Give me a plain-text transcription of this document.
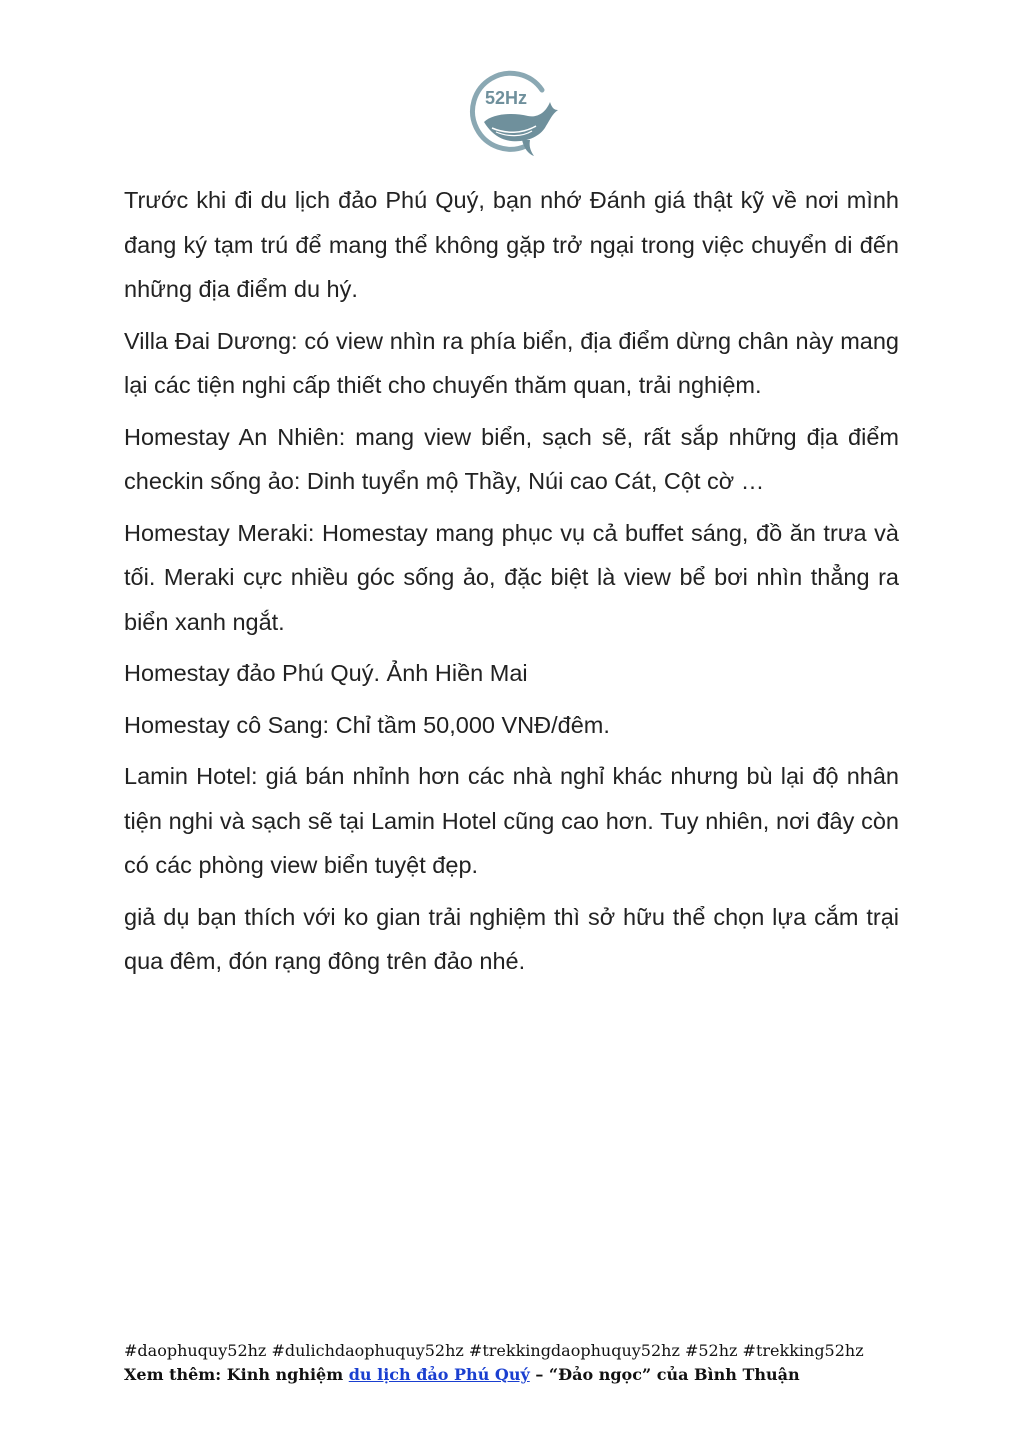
52Hz

Trước khi đi du lịch đảo Phú Quý, bạn nhớ Đánh giá thật kỹ về nơi mình đang ký tạm trú để mang thể không gặp trở ngại trong việc chuyển di đến những địa điểm du hý.

Villa Đai Dương: có view nhìn ra phía biển, địa điểm dừng chân này mang lại các tiện nghi cấp thiết cho chuyến thăm quan, trải nghiệm.

Homestay An Nhiên: mang view biển, sạch sẽ, rất sắp những địa điểm checkin sống ảo: Dinh tuyển mộ Thầy, Núi cao Cát, Cột cờ …

Homestay Meraki: Homestay mang phục vụ cả buffet sáng, đồ ăn trưa và tối. Meraki cực nhiều góc sống ảo, đặc biệt là view bể bơi nhìn thẳng ra biển xanh ngắt.

Homestay đảo Phú Quý. Ảnh Hiền Mai

Homestay cô Sang: Chỉ tầm 50,000 VNĐ/đêm.

Lamin Hotel: giá bán nhỉnh hơn các nhà nghỉ khác nhưng bù lại độ nhân tiện nghi và sạch sẽ tại Lamin Hotel cũng cao hơn. Tuy nhiên, nơi đây còn có các phòng view biển tuyệt đẹp.

giả dụ bạn thích với ko gian trải nghiệm thì sở hữu thể chọn lựa cắm trại qua đêm, đón rạng đông trên đảo nhé.

#daophuquy52hz #dulichdaophuquy52hz #trekkingdaophuquy52hz #52hz #trekking52hz
Xem thêm: Kinh nghiệm du lịch đảo Phú Quý – “Đảo ngọc” của Bình Thuận
